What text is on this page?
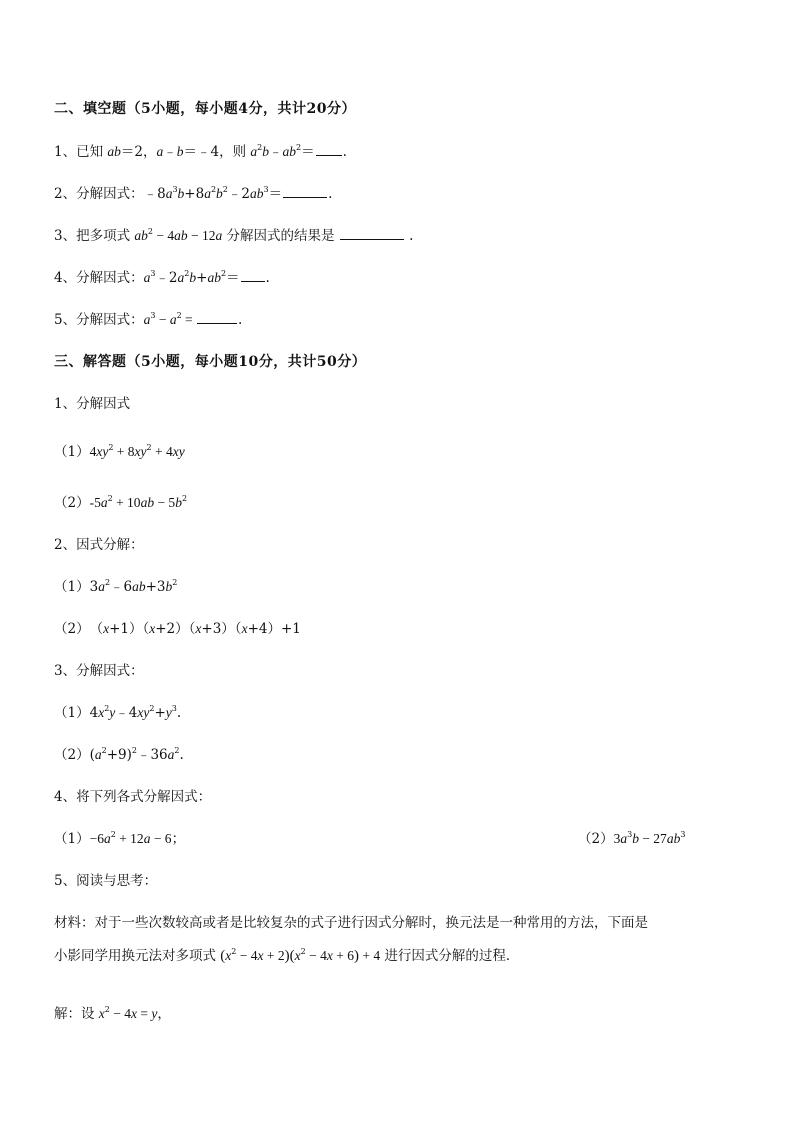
二、填空题（5小题，每小题4分，共计20分）
1、已知 ab＝2，a﹣b＝﹣4，则 $a^2b﹣ab^2=$ .
2、分解因式：$﹣8a^3b+8a^2b^2﹣2ab^3=$	.
3、把多项式 $ab^2 - 4ab - 12a$ 分解因式的结果是	.
4、分解因式：$a^3﹣2a^2b+ab^2=$ .
5、分解因式：$a^3 - a^2$ =	.
三、解答题（5小题，每小题10分，共计50分）
1、分解因式
$(1)4xy^2 + 8xy^2 + 4xy$
$(2)-5a^2 + 10ab - 5b^2$
2、因式分解：
$(1)3a^2﹣6ab+3b^2$
（2）　（x+1）（x+2）（x+3）（x+4）+1
3、分解因式：
$(1)4x^2y﹣4xy^2+y^3$.
$(2)(a^2+9)^2﹣36a^2$.
4、将下列各式分解因式：
$(1)-6a^2 + 12a - 6$；	$(2)3a^3b - 27ab^3$
5、阅读与思考：
材料：对于一些次数较高或者是比较复杂的式子进行因式分解时，换元法是一种常用的方法，下面是
小影同学用换元法对多项式 $(x^2 - 4x + 2)(x^2 - 4x + 6) + 4$ 进行因式分解的过程．
解：设 $x^2 - 4x = y$，
